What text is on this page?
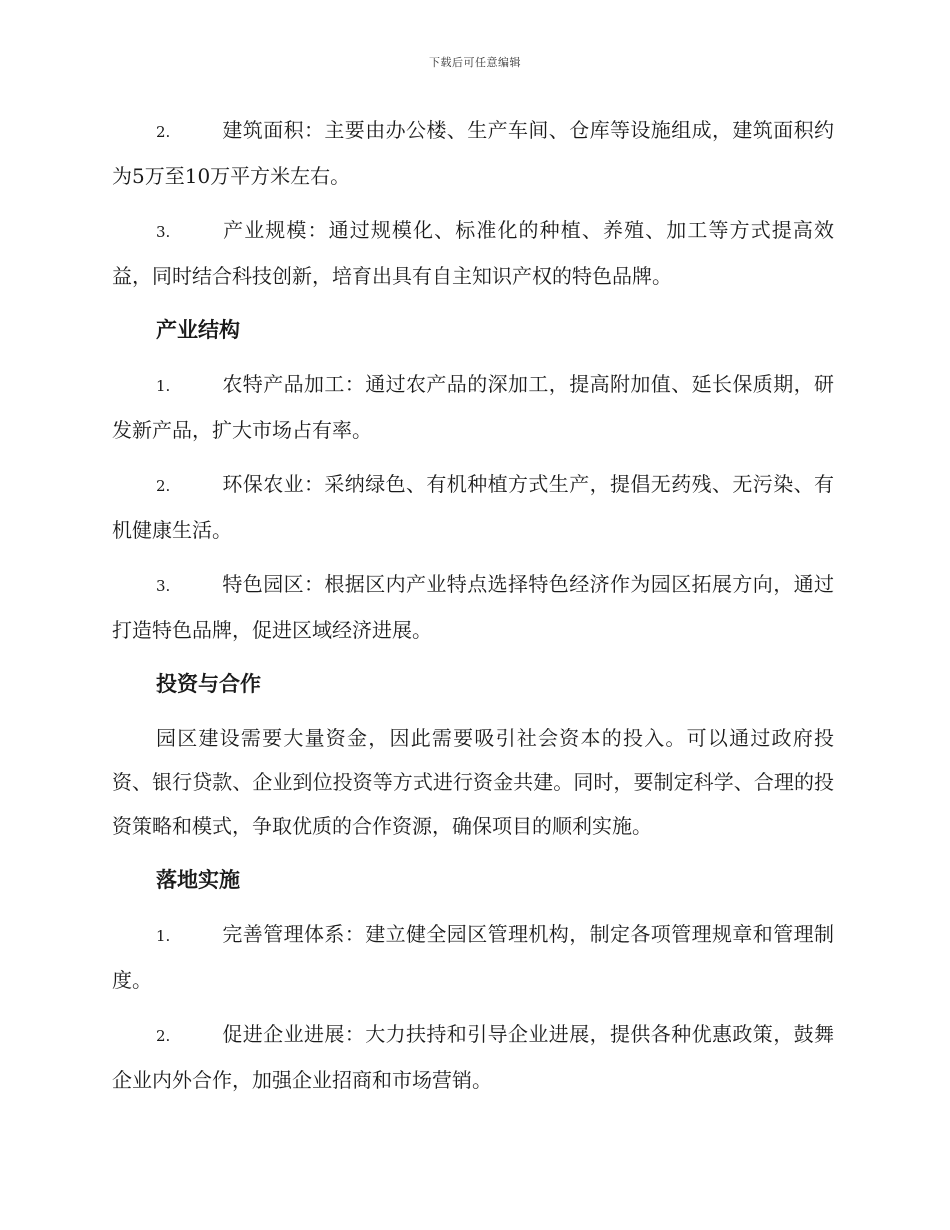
下载后可任意编辑

2.	建筑面积：主要由办公楼、生产车间、仓库等设施组成，建筑面积约为5万至10万平方米左右。

3.	产业规模：通过规模化、标准化的种植、养殖、加工等方式提高效益，同时结合科技创新，培育出具有自主知识产权的特色品牌。

产业结构

1.	农特产品加工：通过农产品的深加工，提高附加值、延长保质期，研发新产品，扩大市场占有率。

2.	环保农业：采纳绿色、有机种植方式生产，提倡无药残、无污染、有机健康生活。

3.	特色园区：根据区内产业特点选择特色经济作为园区拓展方向，通过打造特色品牌，促进区域经济进展。

投资与合作

园区建设需要大量资金，因此需要吸引社会资本的投入。可以通过政府投资、银行贷款、企业到位投资等方式进行资金共建。同时，要制定科学、合理的投资策略和模式，争取优质的合作资源，确保项目的顺利实施。

落地实施

1.	完善管理体系：建立健全园区管理机构，制定各项管理规章和管理制度。

2.	促进企业进展：大力扶持和引导企业进展，提供各种优惠政策，鼓舞企业内外合作，加强企业招商和市场营销。
